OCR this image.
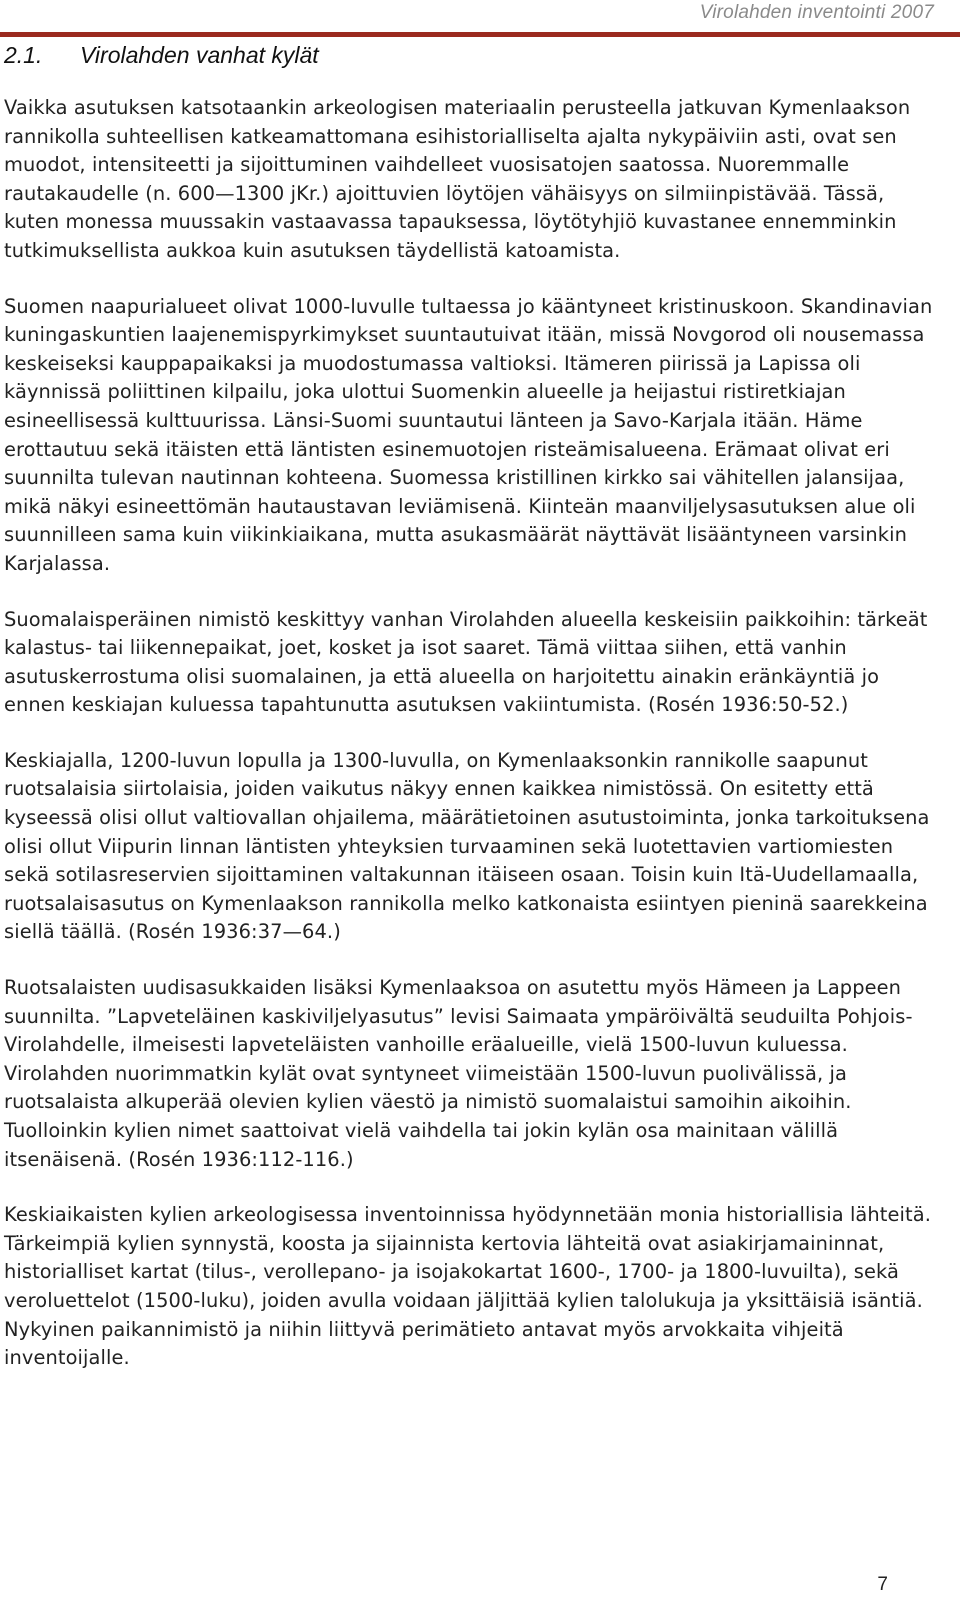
Virolahden inventointi 2007
2.1. Virolahden vanhat kylät

Vaikka asutuksen katsotaankin arkeologisen materiaalin perusteella jatkuvan Kymenlaakson rannikolla suhteellisen katkeamattomana esihistorialliselta ajalta nykypäiviin asti, ovat sen muodot, intensiteetti ja sijoittuminen vaihdelleet vuosisatojen saatossa. Nuoremmalle rautakaudelle (n. 600—1300 jKr.) ajoittuvien löytöjen vähäisyys on silmiinpistävää. Tässä, kuten monessa muussakin vastaavassa tapauksessa, löytötyhjiö kuvastanee ennemminkin tutkimuksellista aukkoa kuin asutuksen täydellistä katoamista.

Suomen naapurialueet olivat 1000-luvulle tultaessa jo kääntyneet kristinuskoon. Skandinavian kuningaskuntien laajenemispyrkimykset suuntautuivat itään, missä Novgorod oli nousemassa keskeiseksi kauppapaikaksi ja muodostumassa valtioksi. Itämeren piirissä ja Lapissa oli käynnissä poliittinen kilpailu, joka ulottui Suomenkin alueelle ja heijastui ristiretkiajan esineellisessä kulttuurissa. Länsi-Suomi suuntautui länteen ja Savo-Karjala itään. Häme erottautuu sekä itäisten että läntisten esinemuotojen risteämisalueena. Erämaat olivat eri suunnilta tulevan nautinnan kohteena. Suomessa kristillinen kirkko sai vähitellen jalansijaa, mikä näkyi esineettömän hautaustavan leviämisenä. Kiinteän maanviljelysasutuksen alue oli suunnilleen sama kuin viikinkiaikana, mutta asukasmäärät näyttävät lisääntyneen varsinkin Karjalassa.

Suomalaisperäinen nimistö keskittyy vanhan Virolahden alueella keskeisiin paikkoihin: tärkeät kalastus- tai liikennepaikat, joet, kosket ja isot saaret. Tämä viittaa siihen, että vanhin asutuskerrostuma olisi suomalainen, ja että alueella on harjoitettu ainakin eränkäyntiä jo ennen keskiajan kuluessa tapahtunutta asutuksen vakiintumista. (Rosén 1936:50-52.)

Keskiajalla, 1200-luvun lopulla ja 1300-luvulla, on Kymenlaaksonkin rannikolle saapunut ruotsalaisia siirtolaisia, joiden vaikutus näkyy ennen kaikkea nimistössä. On esitetty että kyseessä olisi ollut valtiovallan ohjailema, määrätietoinen asutustoiminta, jonka tarkoituksena olisi ollut Viipurin linnan läntisten yhteyksien turvaaminen sekä luotettavien vartiomiesten sekä sotilasreservien sijoittaminen valtakunnan itäiseen osaan. Toisin kuin Itä-Uudellamaalla, ruotsalaisasutus on Kymenlaakson rannikolla melko katkonaista esiintyen pieninä saarekkeina siellä täällä. (Rosén 1936:37—64.)

Ruotsalaisten uudisasukkaiden lisäksi Kymenlaaksoa on asutettu myös Hämeen ja Lappeen suunnilta. ”Lapveteläinen kaskiviljelyasutus” levisi Saimaata ympäröivältä seuduilta Pohjois-Virolahdelle, ilmeisesti lapveteläisten vanhoille eräalueille, vielä 1500-luvun kuluessa. Virolahden nuorimmatkin kylät ovat syntyneet viimeistään 1500-luvun puolivälissä, ja ruotsalaista alkuperää olevien kylien väestö ja nimistö suomalaistui samoihin aikoihin. Tuolloinkin kylien nimet saattoivat vielä vaihdella tai jokin kylän osa mainitaan välillä itsenäisenä. (Rosén 1936:112-116.)

Keskiaikaisten kylien arkeologisessa inventoinnissa hyödynnetään monia historiallisia lähteitä. Tärkeimpiä kylien synnystä, koosta ja sijainnista kertovia lähteitä ovat asiakirjamaininnat, historialliset kartat (tilus-, verollepano- ja isojakokartat 1600-, 1700- ja 1800-luvuilta), sekä veroluettelot (1500-luku), joiden avulla voidaan jäljittää kylien talolukuja ja yksittäisiä isäntiä. Nykyinen paikannimistö ja niihin liittyvä perimätieto antavat myös arvokkaita vihjeitä inventoijalle.

7
